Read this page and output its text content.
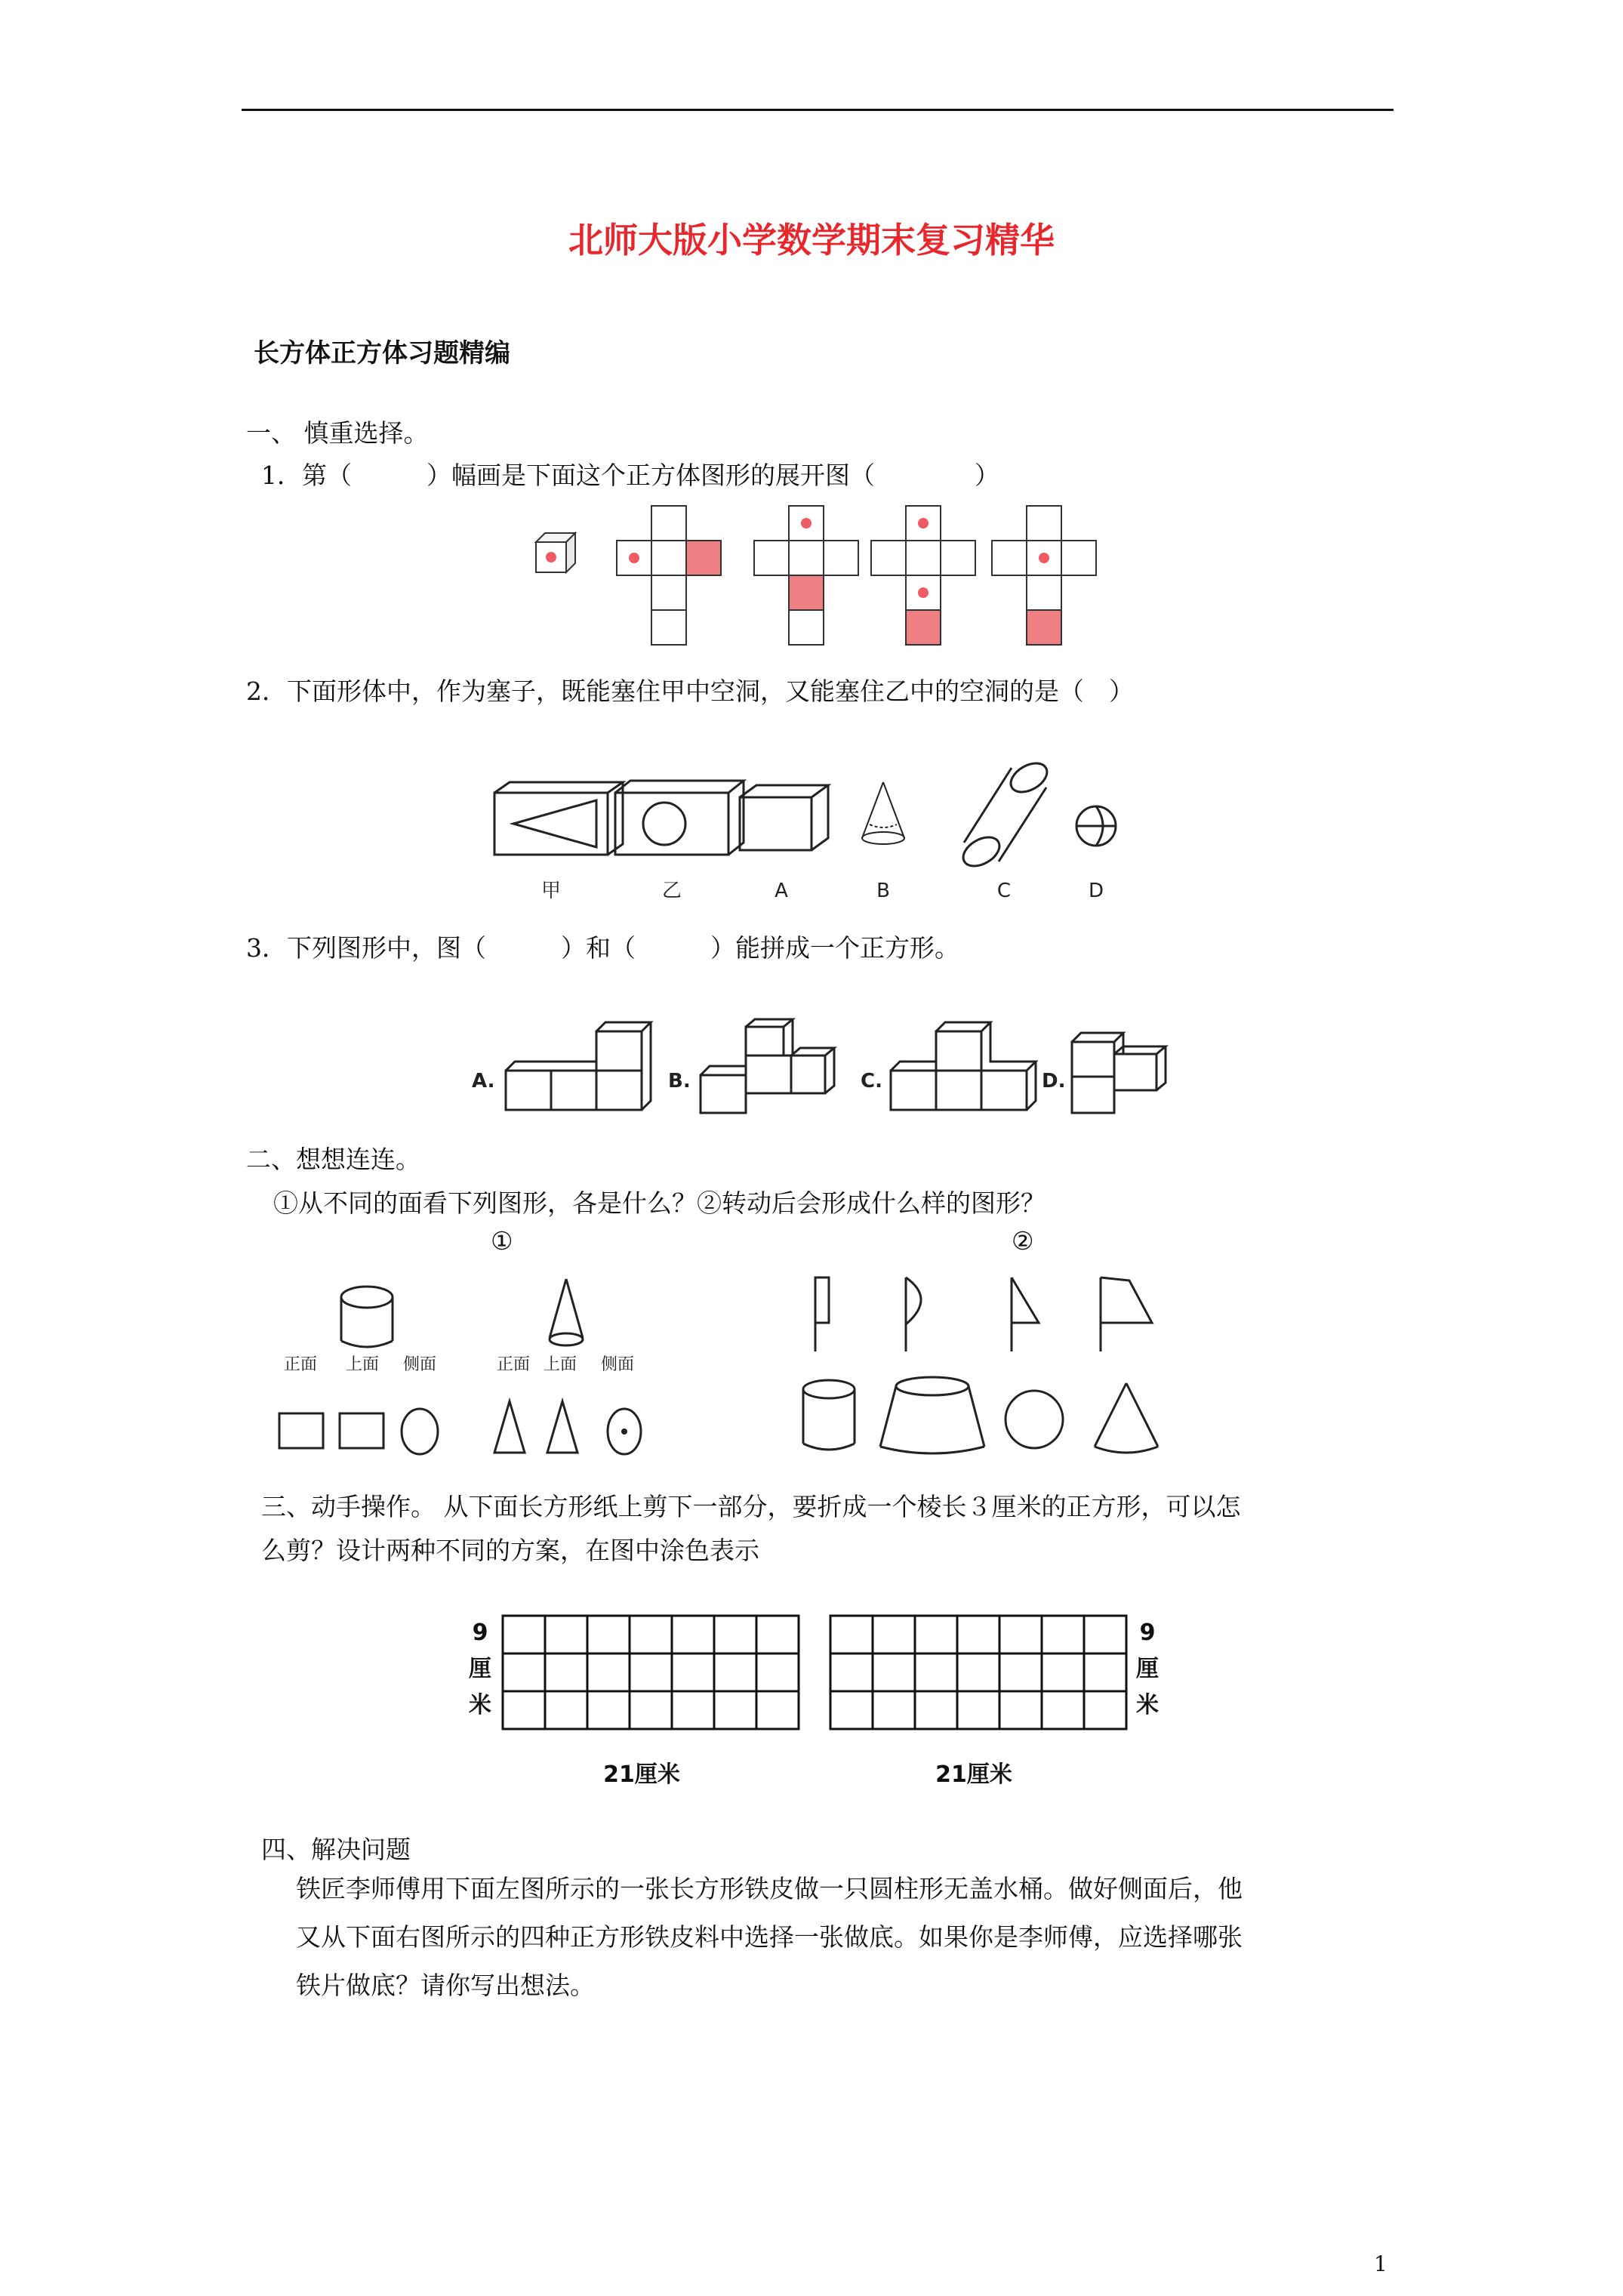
北师大版小学数学期末复习精华
长方体正方体习题精编
一、 慎重选择。
1．第（　　　）幅画是下面这个正方体图形的展开图（　　　　）
2．下面形体中，作为塞子，既能塞住甲中空洞，又能塞住乙中的空洞的是（　）
甲	乙	A	B	C	D
3．下列图形中，图（　　　）和（　　　）能拼成一个正方形。
A.	B.	C.	D.
二、想想连连。
①从不同的面看下列图形，各是什么？②转动后会形成什么样的图形？
①	②
正面 上面 侧面	正面 上面 侧面
三、动手操作。 从下面长方形纸上剪下一部分，要折成一个棱长３厘米的正方形，可以怎
么剪？设计两种不同的方案，在图中涂色表示
9
厘
米
9
厘
米
21厘米	21厘米
四、解决问题
铁匠李师傅用下面左图所示的一张长方形铁皮做一只圆柱形无盖水桶。做好侧面后，他
又从下面右图所示的四种正方形铁皮料中选择一张做底。如果你是李师傅，应选择哪张
铁片做底？请你写出想法。
1
